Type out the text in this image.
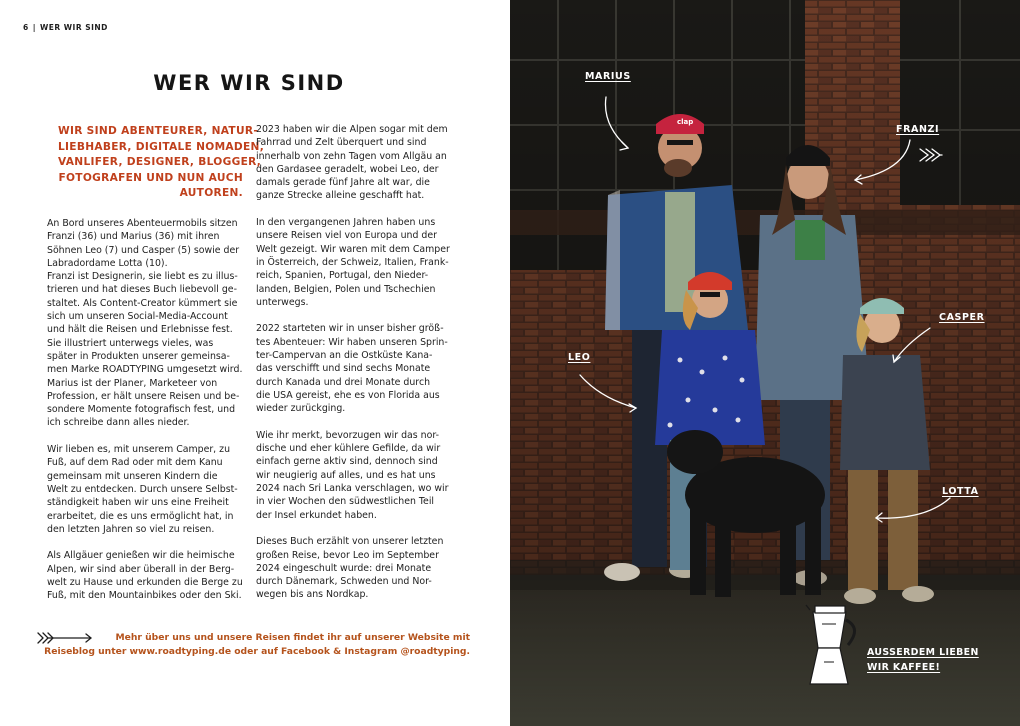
6 | WER WIR SIND
WER WIR SIND
WIR SIND ABENTEURER, NATUR-
LIEBHABER, DIGITALE NOMADEN,
VANLIFER, DESIGNER, BLOGGER,
FOTOGRAFEN UND NUN AUCH
AUTOREN.

An Bord unseres Abenteuermobils sitzen
Franzi (36) und Marius (36) mit ihren
Söhnen Leo (7) und Casper (5) sowie der
Labradordame Lotta (10).
Franzi ist Designerin, sie liebt es zu illus-
trieren und hat dieses Buch liebevoll ge-
staltet. Als Content-Creator kümmert sie
sich um unseren Social-Media-Account
und hält die Reisen und Erlebnisse fest.
Sie illustriert unterwegs vieles, was
später in Produkten unserer gemeinsa-
men Marke ROADTYPING umgesetzt wird.
Marius ist der Planer, Marketeer von
Profession, er hält unsere Reisen und be-
sondere Momente fotografisch fest, und
ich schreibe dann alles nieder.

Wir lieben es, mit unserem Camper, zu
Fuß, auf dem Rad oder mit dem Kanu
gemeinsam mit unseren Kindern die
Welt zu entdecken. Durch unsere Selbst-
ständigkeit haben wir uns eine Freiheit
erarbeitet, die es uns ermöglicht hat, in
den letzten Jahren so viel zu reisen.

Als Allgäuer genießen wir die heimische
Alpen, wir sind aber überall in der Berg-
welt zu Hause und erkunden die Berge zu
Fuß, mit den Mountainbikes oder den Ski.

2023 haben wir die Alpen sogar mit dem
Fahrrad und Zelt überquert und sind
innerhalb von zehn Tagen vom Allgäu an
den Gardasee geradelt, wobei Leo, der
damals gerade fünf Jahre alt war, die
ganze Strecke alleine geschafft hat.

In den vergangenen Jahren haben uns
unsere Reisen viel von Europa und der
Welt gezeigt. Wir waren mit dem Camper
in Österreich, der Schweiz, Italien, Frank-
reich, Spanien, Portugal, den Nieder-
landen, Belgien, Polen und Tschechien
unterwegs.

2022 starteten wir in unser bisher größ-
tes Abenteuer: Wir haben unseren Sprin-
ter-Campervan an die Ostküste Kana-
das verschifft und sind sechs Monate
durch Kanada und drei Monate durch
die USA gereist, ehe es von Florida aus
wieder zurückging.

Wie ihr merkt, bevorzugen wir das nor-
dische und eher kühlere Gefilde, da wir
einfach gerne aktiv sind, dennoch sind
wir neugierig auf alles, und es hat uns
2024 nach Sri Lanka verschlagen, wo wir
in vier Wochen den südwestlichen Teil
der Insel erkundet haben.

Dieses Buch erzählt von unserer letzten
großen Reise, bevor Leo im September
2024 eingeschult wurde: drei Monate
durch Dänemark, Schweden und Nor-
wegen bis ans Nordkap.

Mehr über uns und unsere Reisen findet ihr auf unserer Website mit
Reiseblog unter www.roadtyping.de oder auf Facebook & Instagram @roadtyping.
clap
MARIUS
FRANZI
CASPER
LEO
LOTTA
AUSSERDEM LIEBEN
WIR KAFFEE!
